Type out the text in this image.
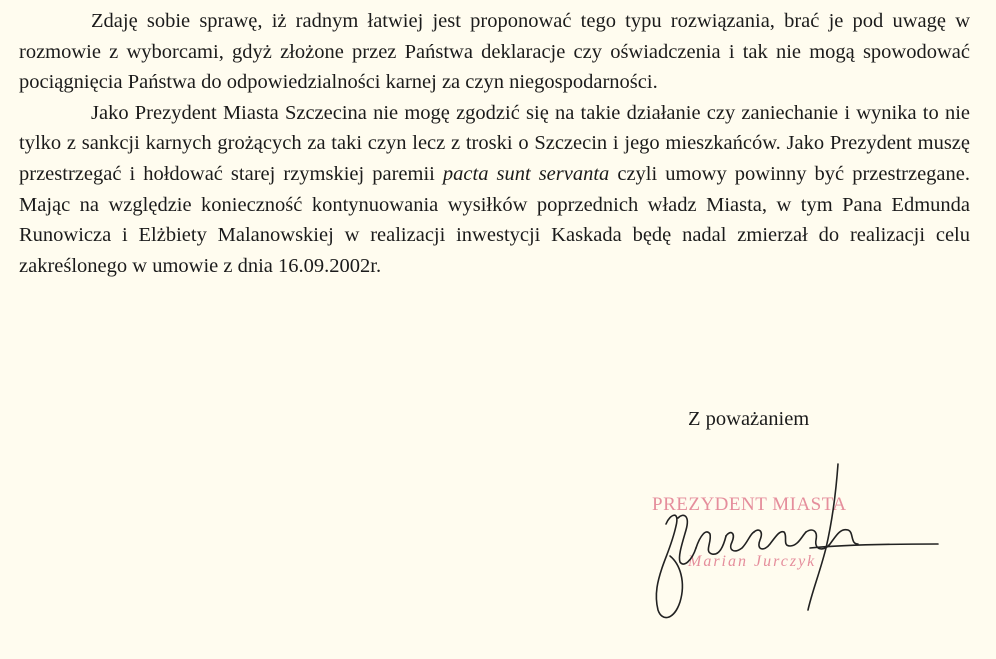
Zdaję sobie sprawę, iż radnym łatwiej jest proponować tego typu rozwiązania, brać je pod uwagę w rozmowie z wyborcami, gdyż złożone przez Państwa deklaracje czy oświadczenia i tak nie mogą spowodować pociągnięcia Państwa do odpowiedzialności karnej za czyn niegospodarności.

Jako Prezydent Miasta Szczecina nie mogę zgodzić się na takie działanie czy zaniechanie i wynika to nie tylko z sankcji karnych grożących za taki czyn lecz z troski o Szczecin i jego mieszkańców. Jako Prezydent muszę przestrzegać i hołdować starej rzymskiej paremii pacta sunt servanta czyli umowy powinny być przestrzegane. Mając na względzie konieczność kontynuowania wysiłków poprzednich władz Miasta, w tym Pana Edmunda Runowicza i Elżbiety Malanowskiej w realizacji inwestycji Kaskada będę nadal zmierzał do realizacji celu zakreślonego w umowie z dnia 16.09.2002r.

Z poważaniem
PREZYDENT MIASTA
Marian Jurczyk
